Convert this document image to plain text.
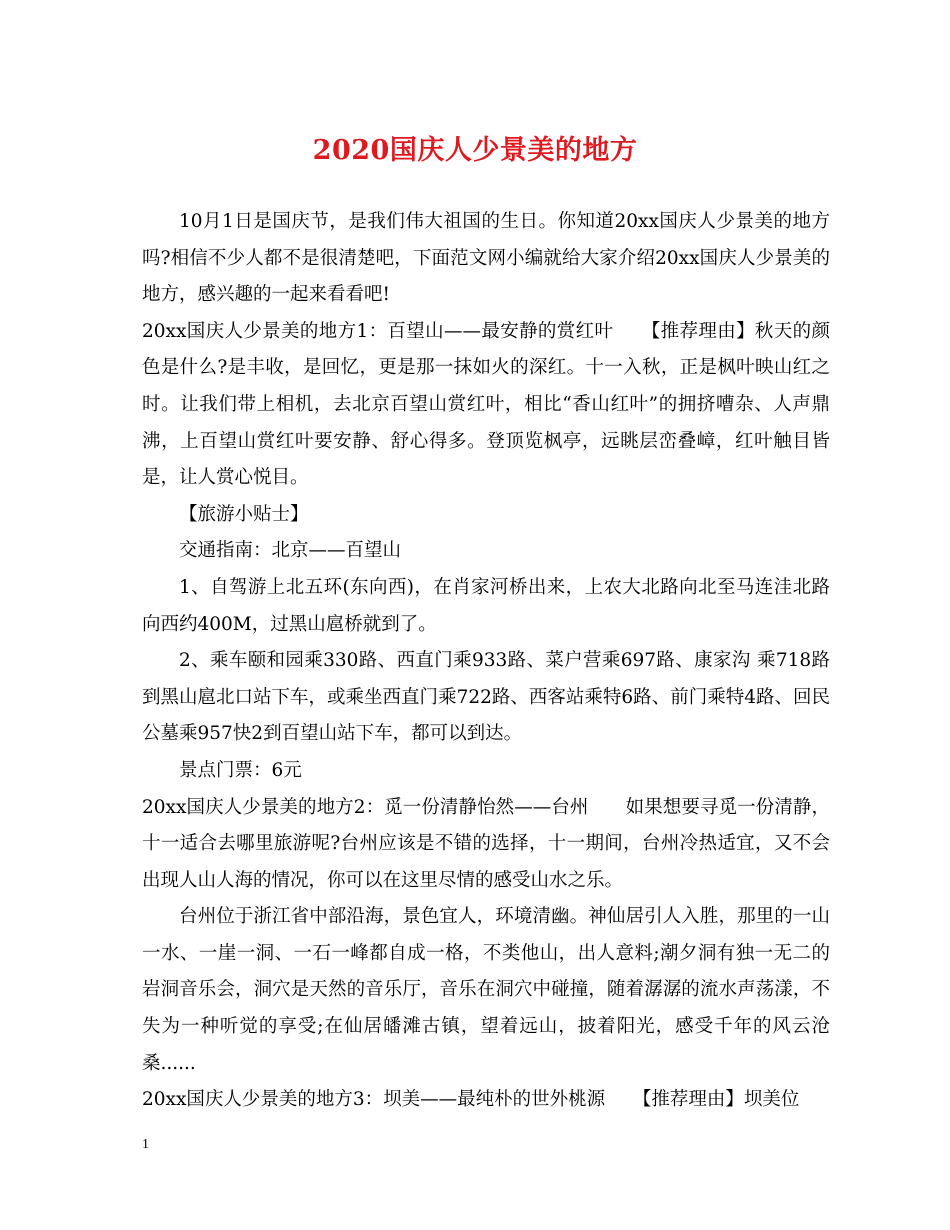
2020国庆人少景美的地方

10月1日是国庆节，是我们伟大祖国的生日。你知道20xx国庆人少景美的地方吗?相信不少人都不是很清楚吧，下面范文网小编就给大家介绍20xx国庆人少景美的地方，感兴趣的一起来看看吧!

20xx国庆人少景美的地方1：百望山——最安静的赏红叶　　【推荐理由】秋天的颜色是什么?是丰收，是回忆，更是那一抹如火的深红。十一入秋，正是枫叶映山红之时。让我们带上相机，去北京百望山赏红叶，相比“香山红叶”的拥挤嘈杂、人声鼎沸，上百望山赏红叶要安静、舒心得多。登顶览枫亭，远眺层峦叠嶂，红叶触目皆是，让人赏心悦目。

【旅游小贴士】

交通指南：北京——百望山

1、自驾游上北五环(东向西)，在肖家河桥出来，上农大北路向北至马连洼北路向西约400M，过黑山扈桥就到了。

2、乘车颐和园乘330路、西直门乘933路、菜户营乘697路、康家沟 乘718路到黑山扈北口站下车，或乘坐西直门乘722路、西客站乘特6路、前门乘特4路、回民公墓乘957快2到百望山站下车，都可以到达。

景点门票：6元

20xx国庆人少景美的地方2：觅一份清静怡然——台州　　如果想要寻觅一份清静，十一适合去哪里旅游呢?台州应该是不错的选择，十一期间，台州冷热适宜，又不会出现人山人海的情况，你可以在这里尽情的感受山水之乐。

台州位于浙江省中部沿海，景色宜人，环境清幽。神仙居引人入胜，那里的一山一水、一崖一洞、一石一峰都自成一格，不类他山，出人意料;潮夕洞有独一无二的岩洞音乐会，洞穴是天然的音乐厅，音乐在洞穴中碰撞，随着潺潺的流水声荡漾，不失为一种听觉的享受;在仙居皤滩古镇，望着远山，披着阳光，感受千年的风云沧桑......

20xx国庆人少景美的地方3：坝美——最纯朴的世外桃源　　【推荐理由】坝美位

1
